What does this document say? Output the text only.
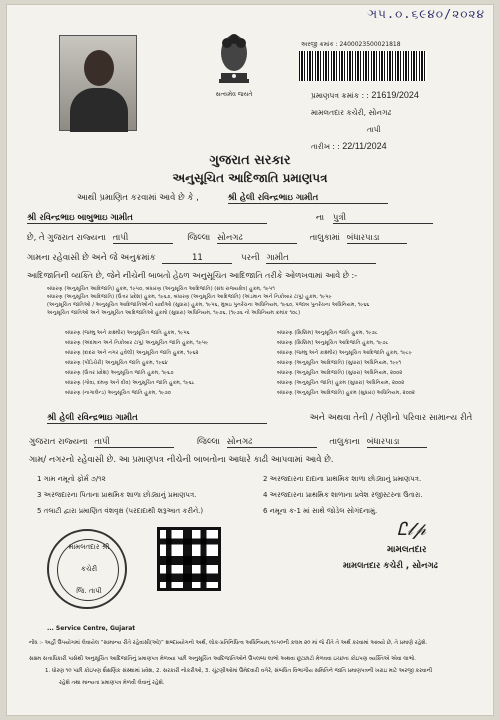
ઞ૫.૦.૬૯૪૦/૨૦૨૪
સત્યમેવ જયતે
અરજી ક્રમાંક : 2400023500021818
પ્રમાણપત્ર ક્રમાંક : : 21619/2024
મામલતદાર કચેરી, સોનગઢ
તાપી
તારીખ : : 22/11/2024
ગુજરાત સરકાર
અનુસૂચિત આદિજાતિ પ્રમાણપત્ર
આથી પ્રમાણિત કરવામાં આવે છે કે ,	શ્રી હેલી રવિન્દ્રભાઇ ગામીત
શ્રી રવિન્દ્રભાઇ બાબુભાઇ ગામીત	ના પુત્રી
છે, તે ગુજરાત રાજ્યના તાપી	જિલ્લા સોનગઢ	તાલુકામાં બંધારપાડા
ગામના રહેવાસી છે અને જે અનુક્રમાંક	11	પરની ગામીત
આદિજાતિની વ્યક્તિ છે, જેને નીચેની બાબતો હેઠળ અનુસૂચિત આદિજાતિ તરીકે ઓળખવામાં આવે છે :-
બંધારણ (અનુસૂચિત આદિજાતિ) હુકમ, ૧૯૫૦, બંધારણ (અનુસૂચિત આદિજાતિ) (સંઘ રાજ્યક્ષેત્ર) હુકમ, ૧૯૫૧
બંધારણ (અનુસૂચિત આદિજાતિ) (ઉત્તર પ્રદેશ) હુકમ, ૧૯૬૭, બંધારણ (અનુસૂચિત આદિજાતિ) (અંડમાન અને નિકોબાર ટાપુ) હુકમ, ૧૯૫૯
(અનુસૂચિત જાતિઓ / અનુસૂચિત આદિજાતિઓની યાદીઓ (સુધારા) હુકમ, ૧૯૫૬, મુંબઇ પુનર્રચના અધિનિયમ, ૧૯૬૦, પંજાબ પુનર્રચના અધિનિયમ, ૧૯૬૬
અનુસૂચિત જાતિઓ અને અનુસૂચિત આદિજાતિઓ હુકમો (સુધારા) અધિનિયમ, ૧૯૭૬, (૧૯૭૬ નો અધિનિયમ ક્રમાંક ૧૦૮)
બંધારણ (જમ્મુ અને કાશ્મીર) અનુસૂચિત જાતિ હુકમ, ૧૯૫૬
બંધારણ (અંદમાન અને નિકોબાર ટાપુ) અનુસૂચિત જાતિ હુકમ, ૧૯૫૯
બંધારણ (દાદરા અને નગર હવેલી) અનુસૂચિત જાતિ હુકમ, ૧૯૬૨
બંધારણ (પોંડિચેરી) અનુસૂચિત જાતિ હુકમ, ૧૯૬૪
બંધારણ (ઉત્તર પ્રદેશ) અનુસૂચિત જાતિ હુકમ, ૧૯૬૭
બંધારણ (ગોવા, દમણ અને દીવ) અનુસૂચિત જાતિ હુકમ, ૧૯૬૮
બંધારણ (નાગાલેન્ડ) અનુસૂચિત જાતિ હુકમ, ૧૯૭૦
બંધારણ (સિક્કિમ) અનુસૂચિત જાતિ હુકમ, ૧૯૭૮
બંધારણ (સિક્કિમ) અનુસૂચિત આદિજાતિ હુકમ, ૧૯૭૮
બંધારણ (જમ્મુ અને કાશ્મીર) અનુસૂચિત આદિજાતિ હુકમ, ૧૯૮૯
બંધારણ (અનુસૂચિત આદિજાતિ) (સુધારા) અધિનિયમ, ૧૯૯૧
બંધારણ (અનુસૂચિત આદિજાતિ) (સુધારા) અધિનિયમ, ૨૦૦૨
બંધારણ (અનુસૂચિત જાતિ) હુકમ (સુધારા) અધિનિયમ, ૨૦૦૨
બંધારણ (અનુસૂચિત આદિજાતિ) હુકમ (સુધારા) અધિનિયમ, ૨૦૦૨
શ્રી હેલી રવિન્દ્રભાઇ ગામીત	અને અથવા તેની / તેણીનો પરિવાર સામાન્ય રીતે
ગુજરાત રાજ્યના તાપી	જિલ્લા સોનગઢ	તાલુકાના બંધારપાડા
ગામ/ નગરનો રહેવાસી છે. આ પ્રમાણપત્ર નીચેની બાબતોના આધારે કાઢી આપવામાં આવે છે.
1 ગામ નમૂનો ફોર્મ ૭/૧૨
3 અરજદારના પિતાના પ્રાથમિક શાળા છોડ્યાનું પ્રમાણપત્ર.
5 તલાટી દ્વારા પ્રમાણિત વંશવૃક્ષ (પરદાદાથી શરૂઆત કરીને.)
2 અરજદારના દાદાના પ્રાથમિક શાળા છોડ્યાનું પ્રમાણપત્ર.
4 અરજદારના પ્રાથમિક શાળાના પ્રવેશ રજીસ્ટરના ઉતારા.
6 નમૂના ક-1 માં સાથે જોડેલ સોગંદનામું.
મામલતદાર શ્રી
કચેરી
જિ. તાપી
Ꮭ𝓁𝓅
મામલતદાર
મામલતદાર કચેરી , સોનગઢ
... Service Centre, Gujarat
નોંધ :- અહીં ઉપયોગમાં લેવાયેલ “સામાન્ય રીતે રહેવાસી(ઓ)” શબ્દપ્રયોગનો અર્થ, લોક-પ્રતિનિધિત્વ અધિનિયમ,૧૯૫૦ની કલમ ૨૦ માં જે રીતે તે અર્થ કરવામાં આવ્યો છે, તે પ્રમાણે રહેશે.
સક્ષમ સત્તાધિકારી પાસેથી અનુસૂચિત આદિજાતિનું પ્રમાણપત્ર મેળવ્યા પછી અનુસૂચિત આદિજાતિઓને ઉપલબ્ધ લાભો અથવા છૂટછાટો મેળવવા ઇચ્છતા કોઇપણ વ્યક્તિએ એવા લાભો.
1. ધોરણ ૧૦ પછી કોઇપણ શૈક્ષણિક સંસ્થામાં પ્રવેશ, 2. સરકારી નોકરીઓ, 3. ચૂંટણીઓમાં ઉમેદવારી વગેરે, સંબંધિત વિભાગીય સમિતિને જાતિ પ્રમાણપત્રની ખરાઇ માટે અરજી કરવાની
રહેશે તથા માન્યતા પ્રમાણપત્ર મેળવી લેવાનું રહેશે.
